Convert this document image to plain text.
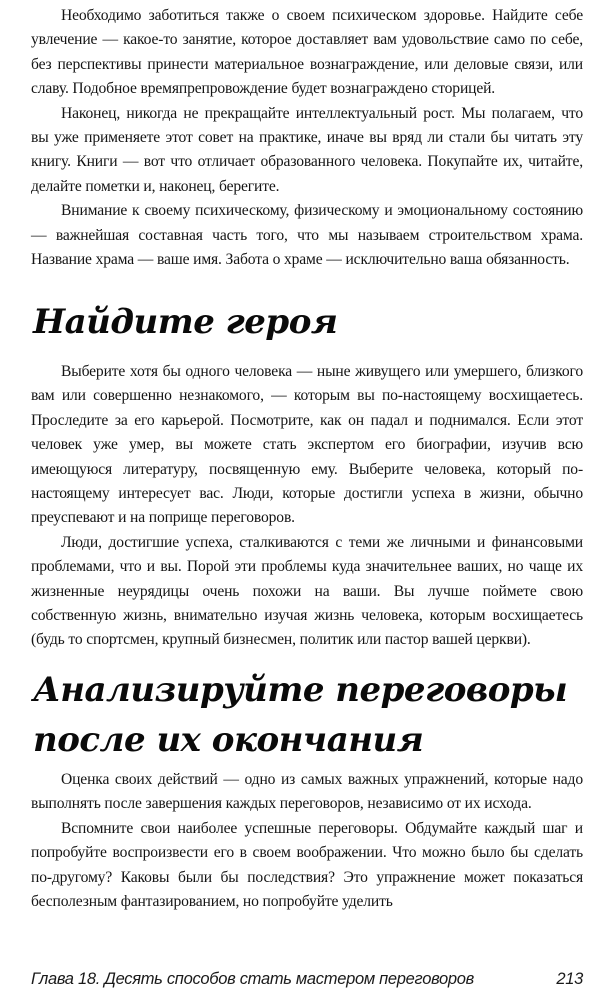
Необходимо заботиться также о своем психическом здоровье. Найдите себе увлечение — какое-то занятие, которое доставляет вам удовольствие само по себе, без перспективы принести материальное вознаграждение, или деловые связи, или славу. Подобное времяпрепровождение будет вознаграждено сторицей.

Наконец, никогда не прекращайте интеллектуальный рост. Мы полагаем, что вы уже применяете этот совет на практике, иначе вы вряд ли стали бы читать эту книгу. Книги — вот что отличает образованного человека. Покупайте их, читайте, делайте пометки и, наконец, берегите.

Внимание к своему психическому, физическому и эмоциональному состоянию — важнейшая составная часть того, что мы называем строительством храма. Название храма — ваше имя. Забота о храме — исключительно ваша обязанность.

Найдите героя

Выберите хотя бы одного человека — ныне живущего или умершего, близкого вам или совершенно незнакомого, — которым вы по-настоящему восхищаетесь. Проследите за его карьерой. Посмотрите, как он падал и поднимался. Если этот человек уже умер, вы можете стать экспертом его биографии, изучив всю имеющуюся литературу, посвященную ему. Выберите человека, который по-настоящему интересует вас. Люди, которые достигли успеха в жизни, обычно преуспевают и на поприще переговоров.

Люди, достигшие успеха, сталкиваются с теми же личными и финансовыми проблемами, что и вы. Порой эти проблемы куда значительнее ваших, но чаще их жизненные неурядицы очень похожи на ваши. Вы лучше поймете свою собственную жизнь, внимательно изучая жизнь человека, которым восхищаетесь (будь то спортсмен, крупный бизнесмен, политик или пастор вашей церкви).

Анализируйте переговоры
после их окончания

Оценка своих действий — одно из самых важных упражнений, которые надо выполнять после завершения каждых переговоров, независимо от их исхода.

Вспомните свои наиболее успешные переговоры. Обдумайте каждый шаг и попробуйте воспроизвести его в своем воображении. Что можно было бы сделать по-другому? Каковы были бы последствия? Это упражнение может показаться бесполезным фантазированием, но попробуйте уделить

Глава 18. Десять способов стать мастером переговоров	213
